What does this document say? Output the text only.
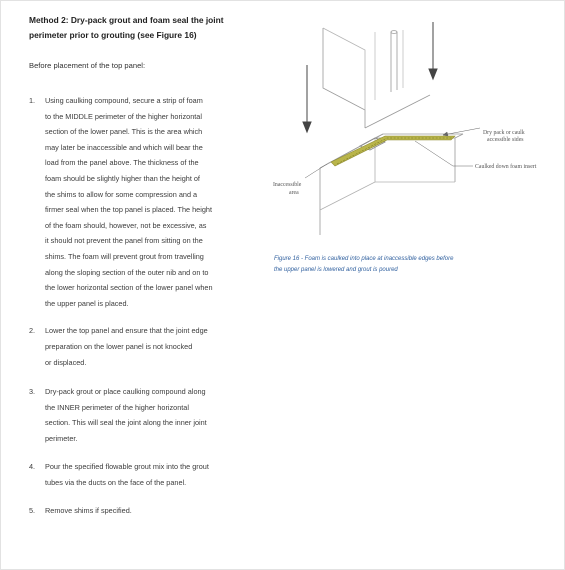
Method 2: Dry-pack grout and foam seal the joint
perimeter prior to grouting (see Figure 16)
Before placement of the top panel:
1.	Using caulking compound, secure a strip of foam
to the MIDDLE perimeter of the higher horizontal
section of the lower panel. This is the area which
may later be inaccessible and which will bear the
load from the panel above. The thickness of the
foam should be slightly higher than the height of
the shims to allow for some compression and a
firmer seal when the top panel is placed. The height
of the foam should, however, not be excessive, as
it should not prevent the panel from sitting on the
shims. The foam will prevent grout from travelling
along the sloping section of the outer nib and on to
the lower horizontal section of the lower panel when
the upper panel is placed.
2.	Lower the top panel and ensure that the joint edge
preparation on the lower panel is not knocked
or displaced.
3.	Dry-pack grout or place caulking compound along
the INNER perimeter of the higher horizontal
section. This will seal the joint along the inner joint
perimeter.
4.	Pour the specified flowable grout mix into the grout
tubes via the ducts on the face of the panel.
5.	Remove shims if specified.
Dry pack or caulk
accessible sides
Caulked down foam insert
Inaccessible
area
Figure 16 - Foam is caulked into place at inaccessible edges before
the upper panel is lowered and grout is poured
